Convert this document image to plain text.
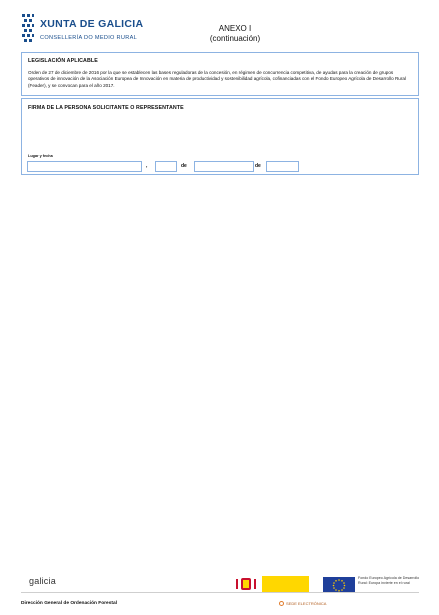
XUNTA DE GALICIA
CONSELLERÍA DO MEDIO RURAL
ANEXO I
(continuación)
LEGISLACIÓN APLICABLE

Orden de 27 de diciembre de 2016 por la que se establecen las bases reguladoras de la concesión, en régimen de concurrencia competitiva, de ayudas para la creación de grupos operativos de innovación de la Asociación Europea de Innovación en materia de productividad y sostenibilidad agrícola, cofinanciadas con el Fondo Europeo Agrícola de Desarrollo Rural (Feader), y se convocan para el año 2017.

FIRMA DE LA PERSONA SOLICITANTE O REPRESENTANTE
Lugar y fecha
,	de	de
galicia	Fondo Europeo Agrícola de Desarrollo Rural: Europa invierte en el rural
Dirección General de Ordenación Forestal	SEDE ELECTRÓNICA
